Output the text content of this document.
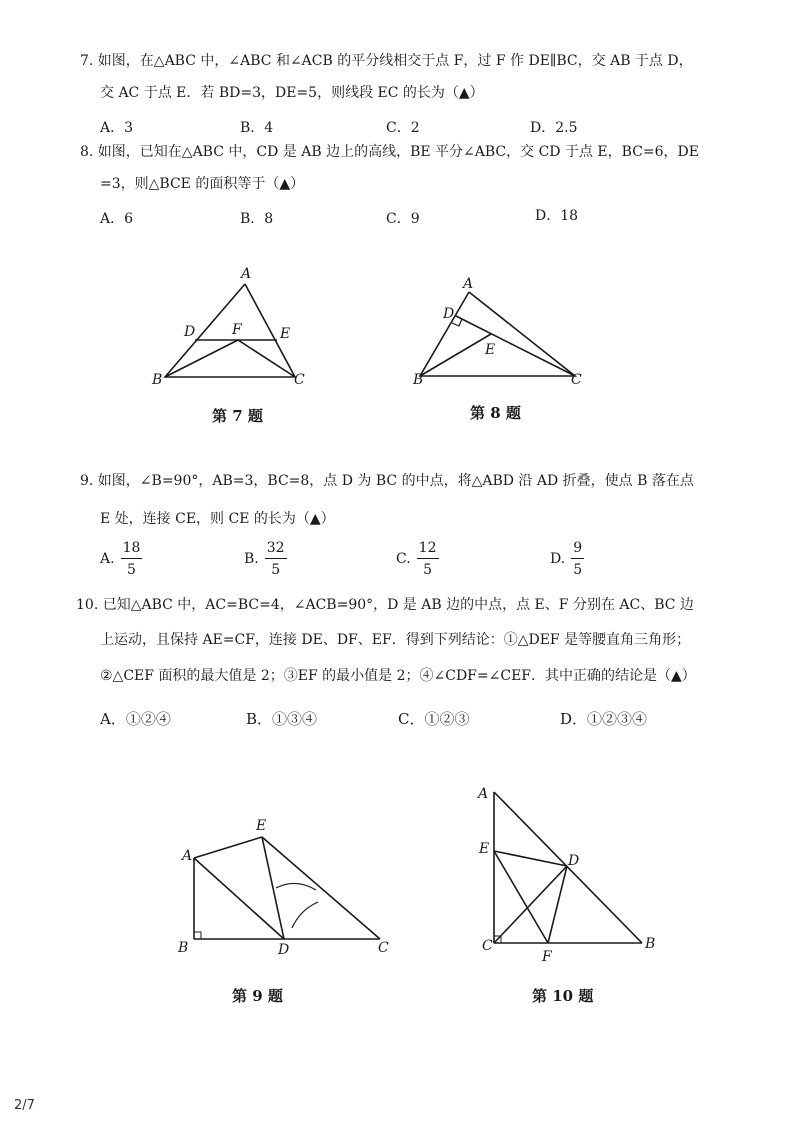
7. 如图，在△ABC 中，∠ABC 和∠ACB 的平分线相交于点 F，过 F 作 DE∥BC，交 AB 于点 D，
交 AC 于点 E．若 BD=3，DE=5，则线段 EC 的长为（▲）
A．3	B．4	C．2	D．2.5
8. 如图，已知在△ABC 中，CD 是 AB 边上的高线，BE 平分∠ABC，交 CD 于点 E，BC=6，DE
=3，则△BCE 的面积等于（▲）
A．6	B．8	C．9	D．18
A
D	F	E
B	C
第 7 题
A
D
E
B	C
第 8 题
9. 如图，∠B=90°，AB=3，BC=8，点 D 为 BC 的中点，将△ABD 沿 AD 折叠，使点 B 落在点
E 处，连接 CE，则 CE 的长为（▲）
A. $\frac{18}{5}$	B. $\frac{32}{5}$	C. $\frac{12}{5}$	D. $\frac{9}{5}$
10. 已知△ABC 中，AC=BC=4，∠ACB=90°，D 是 AB 边的中点，点 E、F 分别在 AC、BC 边
上运动，且保持 AE=CF，连接 DE、DF、EF．得到下列结论：①△DEF 是等腰直角三角形；
②△CEF 面积的最大值是 2；③EF 的最小值是 2；④∠CDF=∠CEF．其中正确的结论是（▲）
A．①②④	B．①③④	C．①②③	D．①②③④
A
E
B	D	C
第 9 题
A
E
D
C
F
B
第 10 题
2/7
